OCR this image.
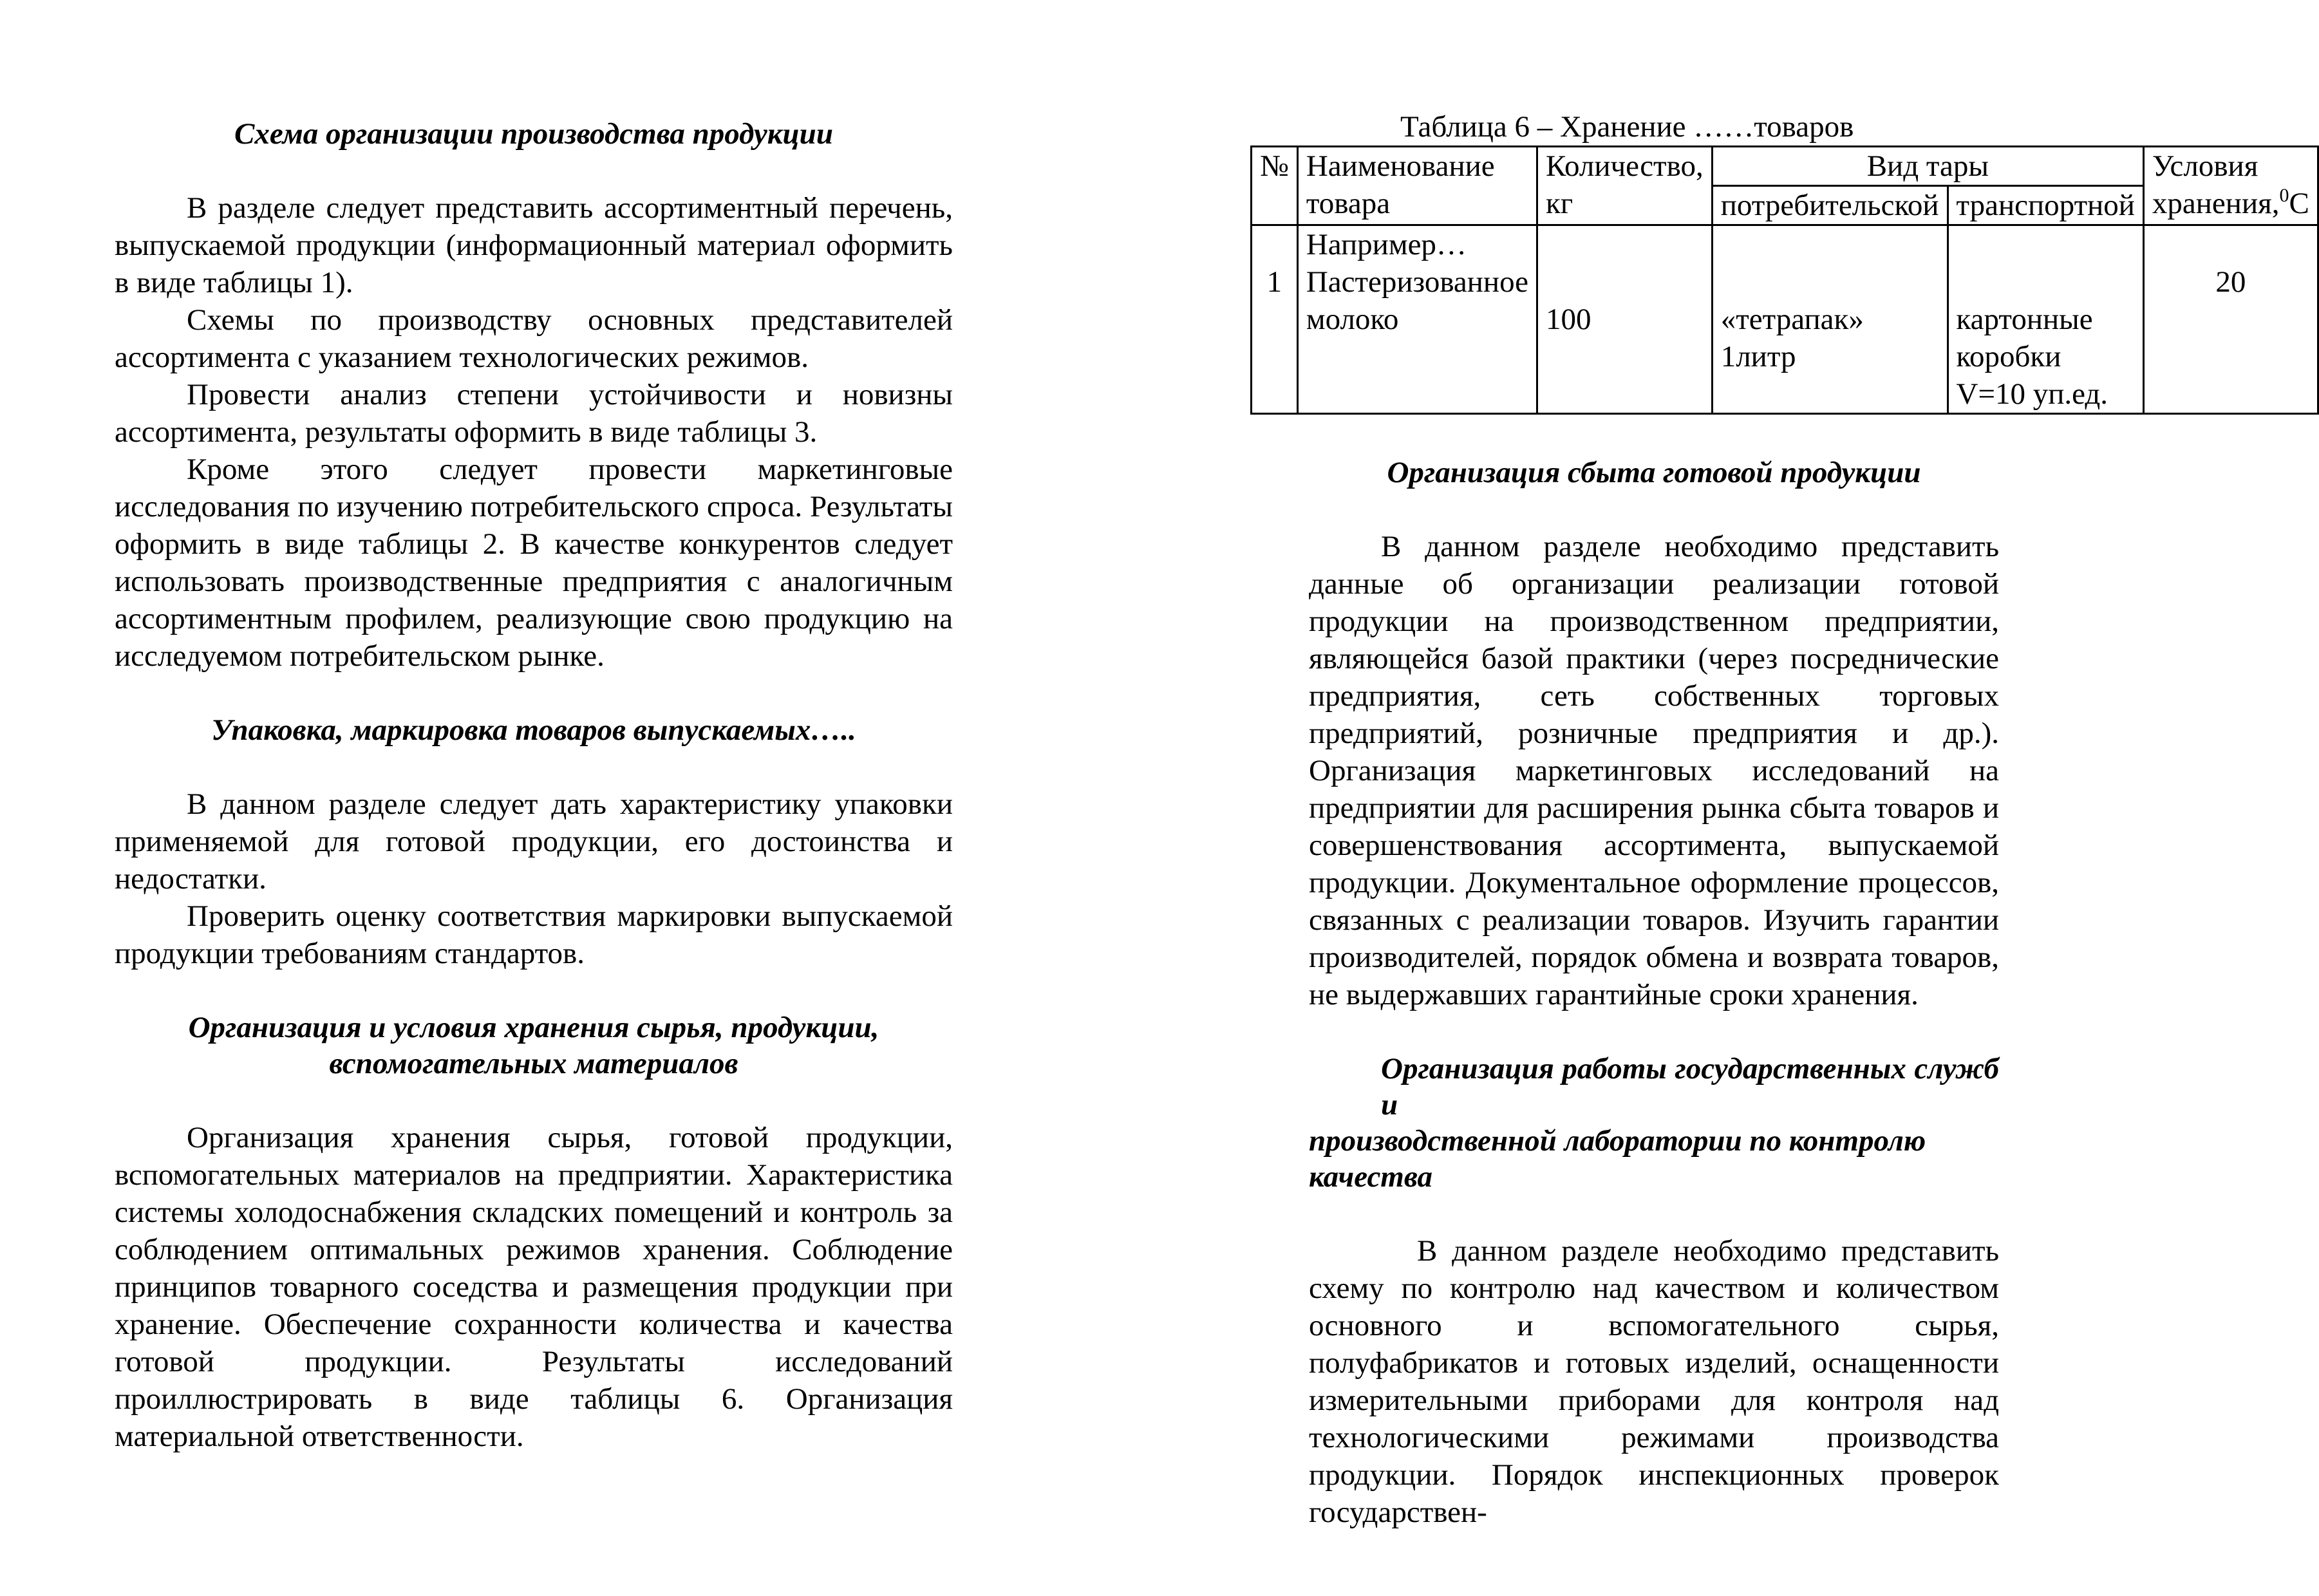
Схема организации производства продукции

В разделе следует представить ассортиментный перечень, выпускаемой продукции (информационный материал оформить в виде таблицы 1).

Схемы по производству основных представителей ассортимента с указанием технологических режимов.

Провести анализ степени устойчивости и новизны ассортимента, результаты оформить в виде таблицы 3.

Кроме этого следует провести маркетинговые исследования по изучению потребительского спроса. Результаты оформить в виде таблицы 2. В качестве конкурентов следует использовать производственные предприятия с аналогичным ассортиментным профилем, реализующие свою продукцию на исследуемом потребительском рынке.

Упаковка, маркировка товаров выпускаемых…..

В данном разделе следует дать характеристику упаковки применяемой для готовой продукции, его достоинства и недостатки.

Проверить оценку соответствия маркировки выпускаемой продукции требованиям стандартов.

Организация и условия хранения сырья, продукции,
вспомогательных материалов

Организация хранения сырья, готовой продукции, вспомогательных материалов на предприятии. Характеристика системы холодоснабжения складских помещений и контроль за соблюдением оптимальных режимов хранения. Соблюдение принципов товарного соседства и размещения продукции при хранение. Обеспечение сохранности количества и качества готовой продукции. Результаты исследований проиллюстрировать в виде таблицы 6. Организация материальной ответственности.

Таблица 6 – Хранение ……товаров
№	Наименование товара	Количество, кг	Вид тары		Условия хранения,$^0$С
			потребительской	транспортной	
1	Например… Пастеризованное молоко	100	«тетрапак» 1литр	картонные коробки V=10 уп.ед.	20
Организация сбыта готовой продукции

В данном разделе необходимо представить данные об организации реализации готовой продукции на производственном предприятии, являющейся базой практики (через посреднические предприятия, сеть собственных торговых предприятий, розничные предприятия и др.). Организация маркетинговых исследований на предприятии для расширения рынка сбыта товаров и совершенствования ассортимента, выпускаемой продукции. Документальное оформление процессов, связанных с реализации товаров. Изучить гарантии производителей, порядок обмена и возврата товаров, не выдержавших гарантийные сроки хранения.

Организация работы государственных служб и
производственной лаборатории по контролю качества

В данном разделе необходимо представить схему по контролю над качеством и количеством основного и вспомогательного сырья, полуфабрикатов и готовых изделий, оснащенности измерительными приборами для контроля над технологическими режимами производства продукции. Порядок инспекционных проверок государствен-
